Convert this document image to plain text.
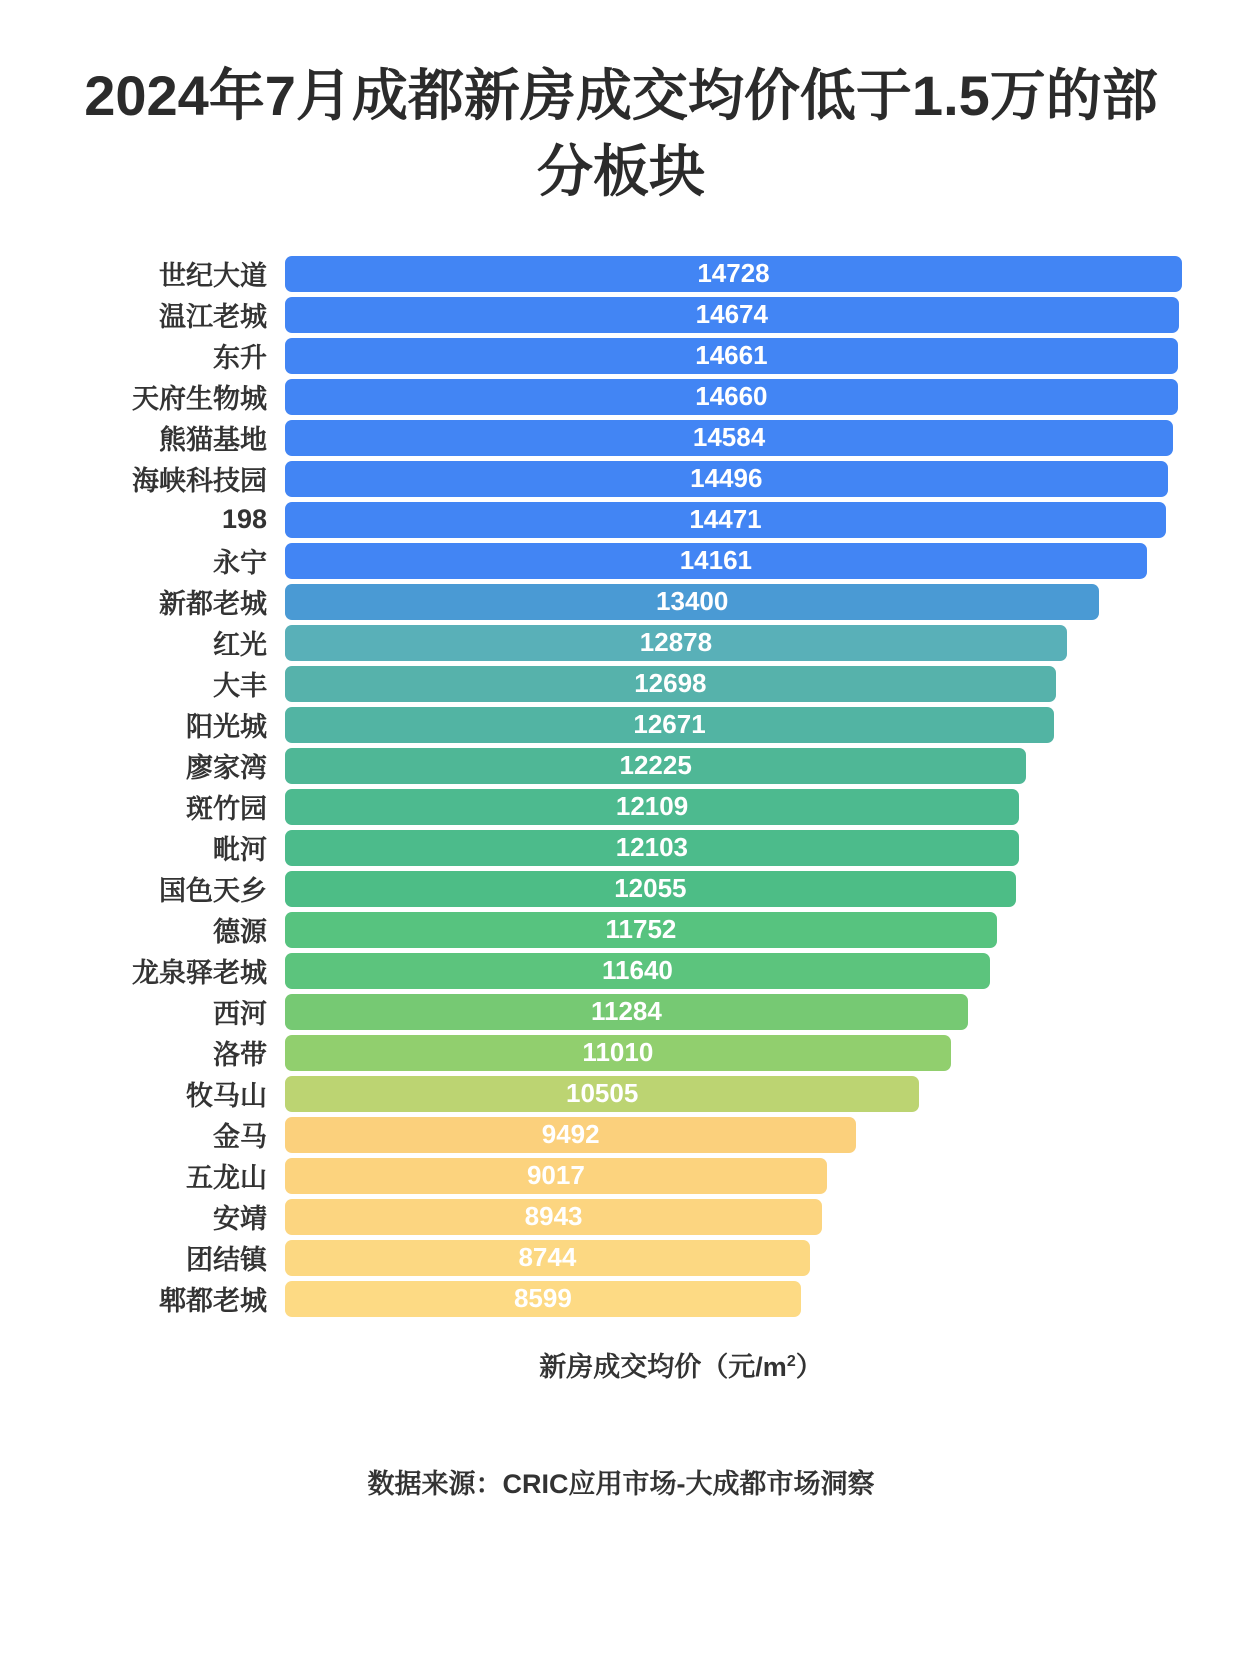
2024年7月成都新房成交均价低于1.5万的部分板块
世纪大道	14728
温江老城	14674
东升	14661
天府生物城	14660
熊猫基地	14584
海峡科技园	14496
198	14471
永宁	14161
新都老城	13400
红光	12878
大丰	12698
阳光城	12671
廖家湾	12225
斑竹园	12109
毗河	12103
国色天乡	12055
德源	11752
龙泉驿老城	11640
西河	11284
洛带	11010
牧马山	10505
金马	9492
五龙山	9017
安靖	8943
团结镇	8744
郫都老城	8599
新房成交均价（元$/m^2$）
数据来源：CRIC应用市场-大成都市场洞察
